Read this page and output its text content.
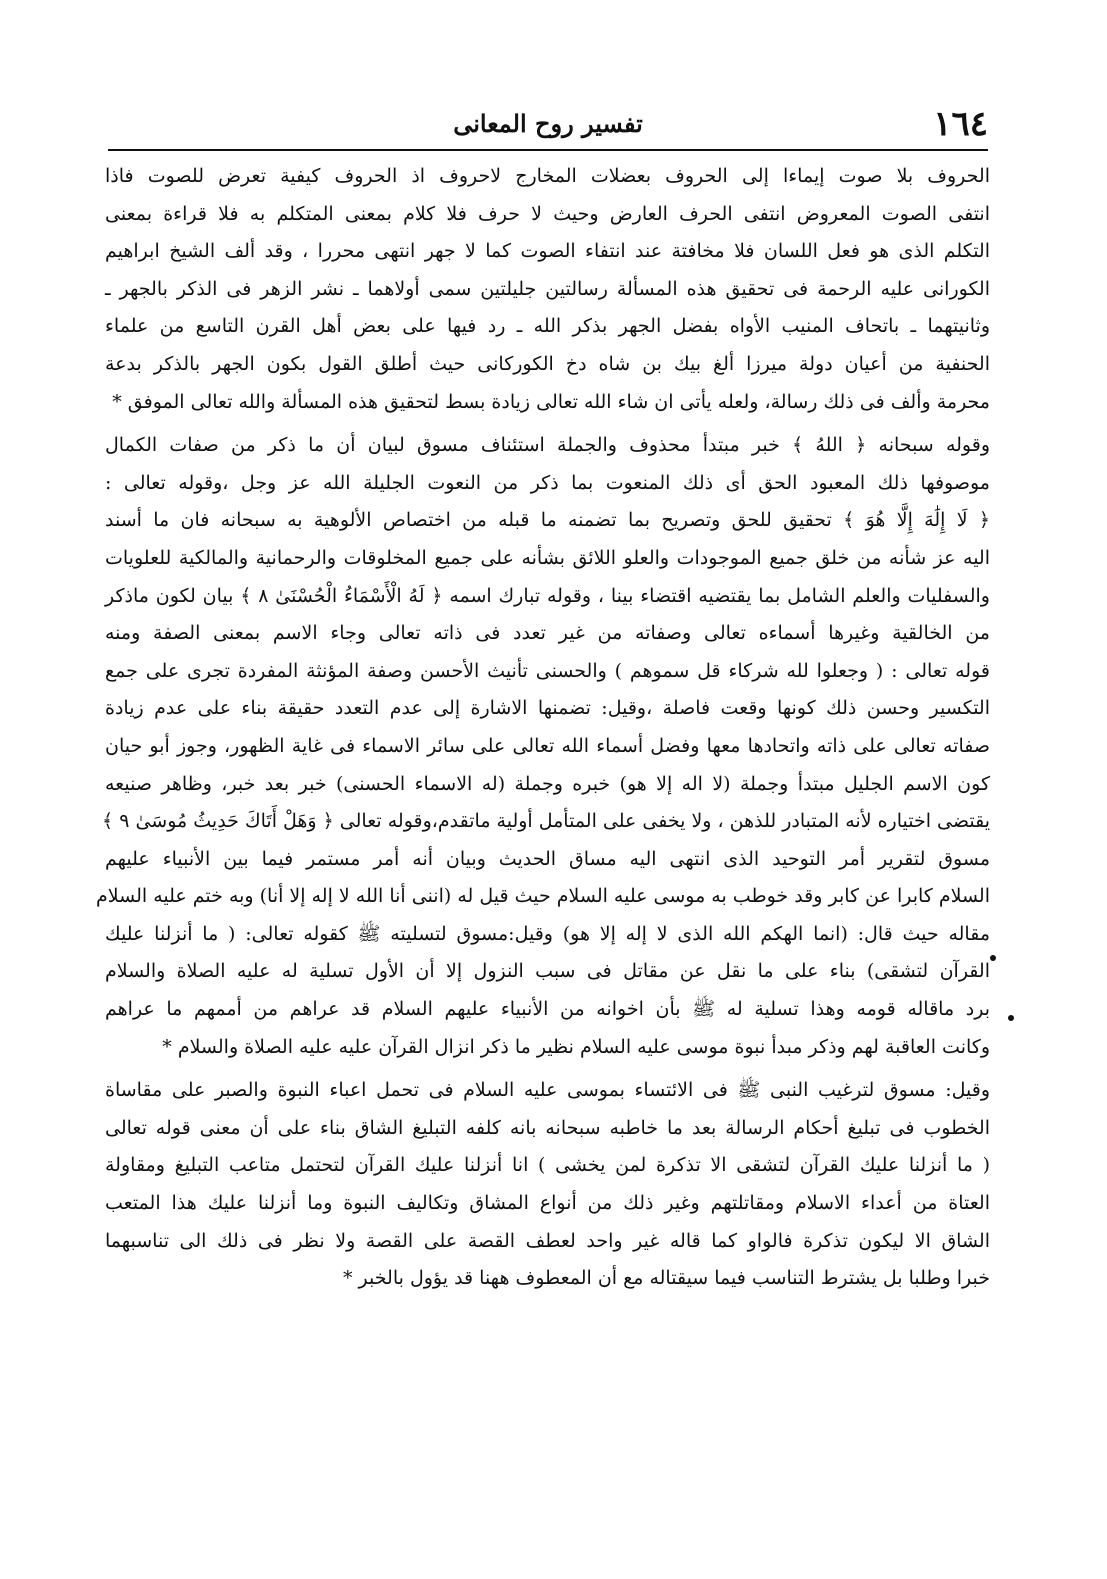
١٦٤
تفسير روح المعانى
الحروف بلا صوت إيماءا إلى الحروف بعضلات المخارج لاحروف اذ الحروف كيفية تعرض للصوت فاذا
انتفى الصوت المعروض انتفى الحرف العارض وحيث لا حرف فلا كلام بمعنى المتكلم به فلا قراءة بمعنى
التكلم الذى هو فعل اللسان فلا مخافتة عند انتفاء الصوت كما لا جهر انتهى محررا ، وقد ألف الشيخ ابراهيم
الكورانى عليه الرحمة فى تحقيق هذه المسألة رسالتين جليلتين سمى أولاهما ـ نشر الزهر فى الذكر بالجهر ـ
وثانيتهما ـ باتحاف المنيب الأواه بفضل الجهر بذكر الله ـ رد فيها على بعض أهل القرن التاسع من علماء
الحنفية من أعيان دولة ميرزا ألغ بيك بن شاه دخ الكوركانى حيث أطلق القول بكون الجهر بالذكر بدعة
محرمة وألف فى ذلك رسالة، ولعله يأتى ان شاء الله تعالى زيادة بسط لتحقيق هذه المسألة والله تعالى الموفق *
وقوله سبحانه ﴿ اللهُ ﴾ خبر مبتدأ محذوف والجملة استئناف مسوق لبيان أن ما ذكر من صفات الكمال
موصوفها ذلك المعبود الحق أى ذلك المنعوت بما ذكر من النعوت الجليلة الله عز وجل ،وقوله تعالى :
﴿ لَا إِلَٰهَ إِلَّا هُوَ ﴾ تحقيق للحق وتصريح بما تضمنه ما قبله من اختصاص الألوهية به سبحانه فان ما أسند
اليه عز شأنه من خلق جميع الموجودات والعلو اللائق بشأنه على جميع المخلوقات والرحمانية والمالكية للعلويات
والسفليات والعلم الشامل بما يقتضيه اقتضاء بينا ، وقوله تبارك اسمه ﴿ لَهُ الْأَسْمَاءُ الْحُسْنَىٰ ٨ ﴾ بيان لكون ماذكر
من الخالقية وغيرها أسماءه تعالى وصفاته من غير تعدد فى ذاته تعالى وجاء الاسم بمعنى الصفة ومنه
قوله تعالى : ( وجعلوا لله شركاء قل سموهم ) والحسنى تأنيث الأحسن وصفة المؤنثة المفردة تجرى على جمع
التكسير وحسن ذلك كونها وقعت فاصلة ،وقيل: تضمنها الاشارة إلى عدم التعدد حقيقة بناء على عدم زيادة
صفاته تعالى على ذاته واتحادها معها وفضل أسماء الله تعالى على سائر الاسماء فى غاية الظهور، وجوز أبو حيان
كون الاسم الجليل مبتدأ وجملة (لا اله إلا هو) خبره وجملة (له الاسماء الحسنى) خبر بعد خبر، وظاهر صنيعه
يقتضى اختياره لأنه المتبادر للذهن ، ولا يخفى على المتأمل أولية ماتقدم،وقوله تعالى ﴿ وَهَلْ أَتَاكَ حَدِيثُ مُوسَىٰ ٩ ﴾
مسوق لتقرير أمر التوحيد الذى انتهى اليه مساق الحديث وبيان أنه أمر مستمر فيما بين الأنبياء عليهم
السلام كابرا عن كابر وقد خوطب به موسى عليه السلام حيث قيل له (اننى أنا الله لا إله إلا أنا) وبه ختم عليه السلام
مقاله حيث قال: (انما الهكم الله الذى لا إله إلا هو) وقيل:مسوق لتسليته ﷺ كقوله تعالى: ( ما أنزلنا عليك
القرآن لتشقى) بناء على ما نقل عن مقاتل فى سبب النزول إلا أن الأول تسلية له عليه الصلاة والسلام
برد ماقاله قومه وهذا تسلية له ﷺ بأن اخوانه من الأنبياء عليهم السلام قد عراهم من أممهم ما عراهم
وكانت العاقبة لهم وذكر مبدأ نبوة موسى عليه السلام نظير ما ذكر انزال القرآن عليه عليه الصلاة والسلام *
وقيل: مسوق لترغيب النبى ﷺ فى الائتساء بموسى عليه السلام فى تحمل اعباء النبوة والصبر على مقاساة
الخطوب فى تبليغ أحكام الرسالة بعد ما خاطبه سبحانه بانه كلفه التبليغ الشاق بناء على أن معنى قوله تعالى
( ما أنزلنا عليك القرآن لتشقى الا تذكرة لمن يخشى ) انا أنزلنا عليك القرآن لتحتمل متاعب التبليغ ومقاولة
العتاة من أعداء الاسلام ومقاتلتهم وغير ذلك من أنواع المشاق وتكاليف النبوة وما أنزلنا عليك هذا المتعب
الشاق الا ليكون تذكرة فالواو كما قاله غير واحد لعطف القصة على القصة ولا نظر فى ذلك الى تناسبهما
خبرا وطلبا بل يشترط التناسب فيما سيقتاله مع أن المعطوف ههنا قد يؤول بالخبر *
